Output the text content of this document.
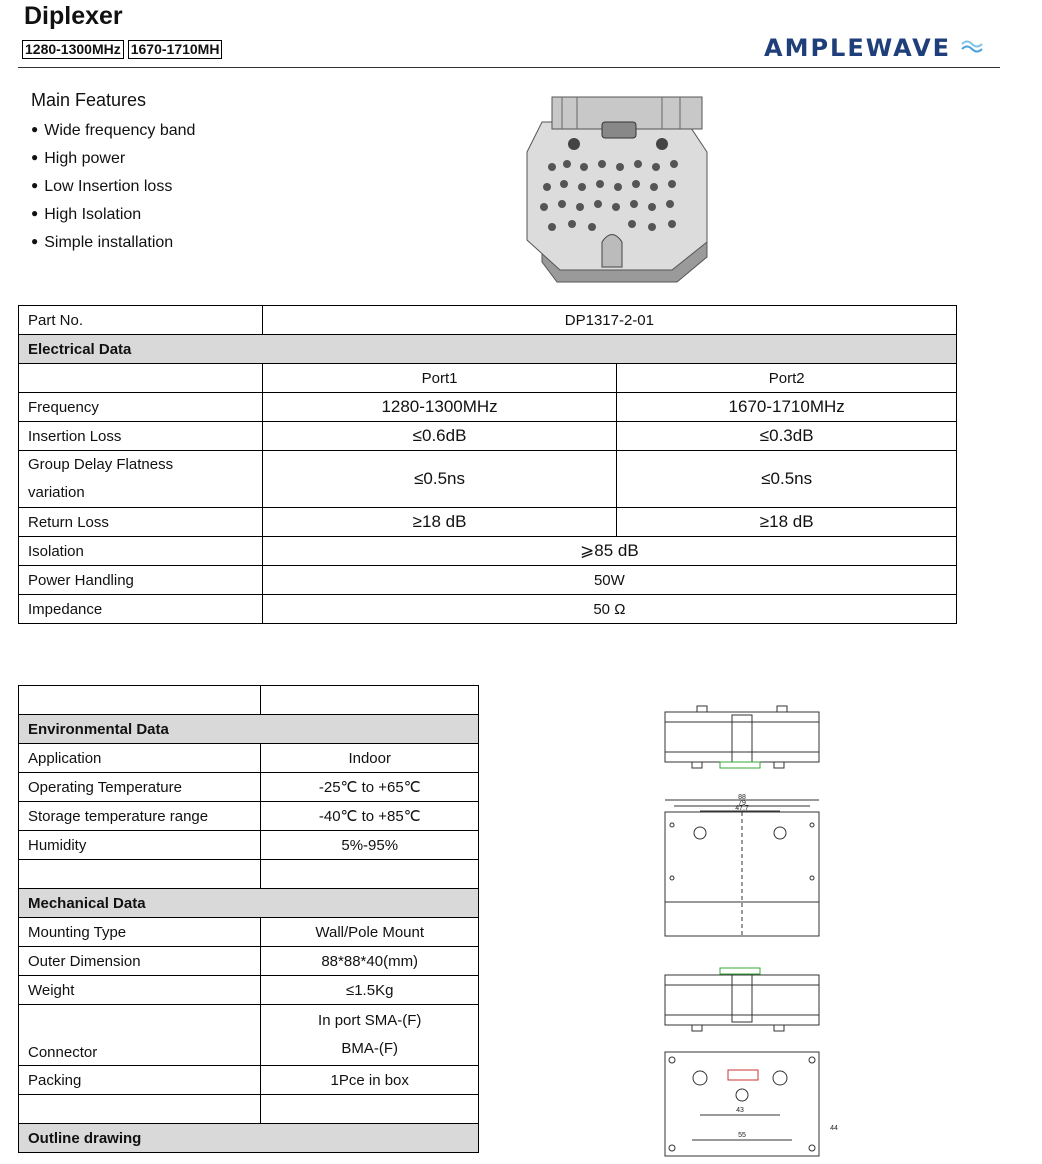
Diplexer
1280-1300MHz 1670-1710MH	AMPLEWAVE
Main Features
● Wide frequency band
● High power
● Low Insertion loss
● High Isolation
● Simple installation
Part No.	DP1317-2-01	
Electrical Data		
	Port1	Port2
Frequency	1280-1300MHz	1670-1710MHz
Insertion Loss	≤0.6dB	≤0.3dB
Group Delay Flatness
variation	≤0.5ns	≤0.5ns
Return Loss	≥18 dB	≥18 dB
Isolation	⩾85 dB	
Power Handling	50W	
Impedance	50 Ω	

Environmental Data	
Application	Indoor
Operating Temperature	-25℃ to +65℃
Storage temperature range	-40℃ to +85℃
Humidity	5%-95%

Mechanical Data	
Mounting Type	Wall/Pole Mount
Outer Dimension	88*88*40(mm)
Weight	≤1.5Kg
Connector	In port SMA-(F)
BMA-(F)
Packing	1Pce in box

Outline drawing	
88
79
47.7
43
55
44
